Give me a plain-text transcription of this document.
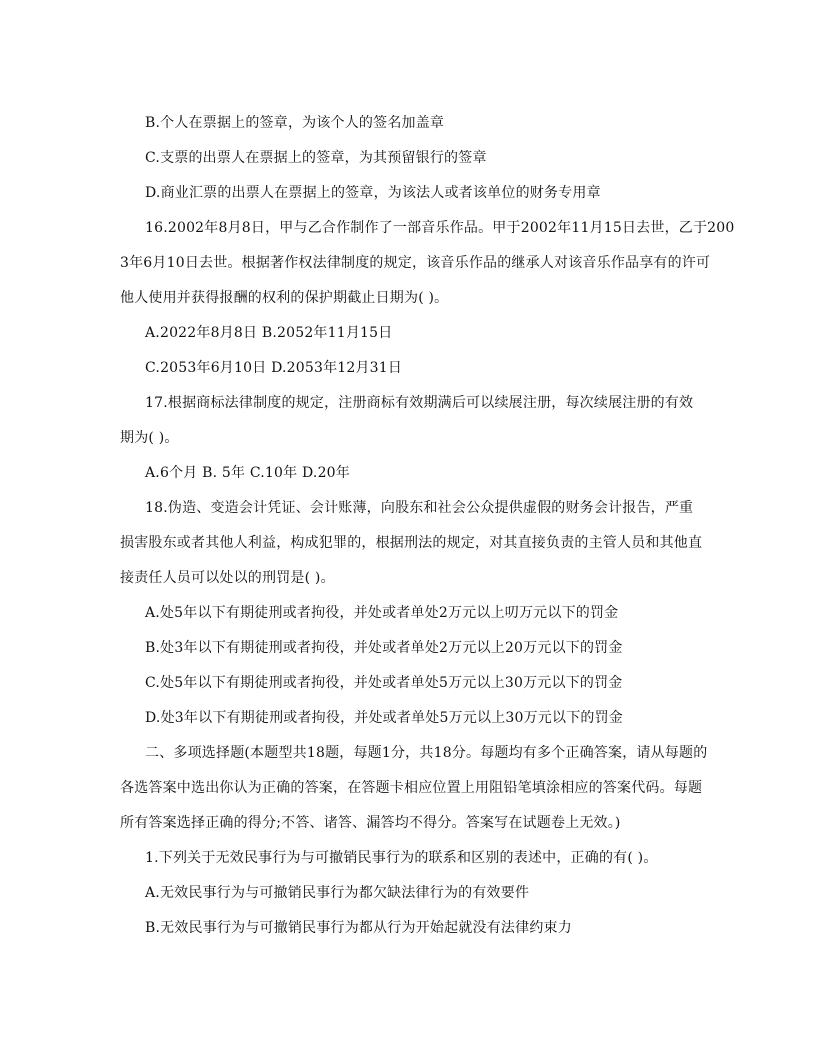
B.个人在票据上的签章，为该个人的签名加盖章
C.支票的出票人在票据上的签章，为其预留银行的签章
D.商业汇票的出票人在票据上的签章，为该法人或者该单位的财务专用章
16.2002年8月8日，甲与乙合作制作了一部音乐作品。甲于2002年11月15日去世，乙于200
3年6月10日去世。根据著作权法律制度的规定，该音乐作品的继承人对该音乐作品享有的许可
他人使用并获得报酬的权利的保护期截止日期为( )。
A.2022年8月8日 B.2052年11月15日
C.2053年6月10日 D.2053年12月31日
17.根据商标法律制度的规定，注册商标有效期满后可以续展注册，每次续展注册的有效
期为( )。
A.6个月 B. 5年 C.10年 D.20年
18.伪造、变造会计凭证、会计账薄，向股东和社会公众提供虚假的财务会计报告，严重
损害股东或者其他人利益，构成犯罪的，根据刑法的规定，对其直接负责的主管人员和其他直
接责任人员可以处以的刑罚是( )。
A.处5年以下有期徒刑或者拘役，并处或者单处2万元以上叨万元以下的罚金
B.处3年以下有期徒刑或者拘役，并处或者单处2万元以上20万元以下的罚金
C.处5年以下有期徒刑或者拘役，并处或者单处5万元以上30万元以下的罚金
D.处3年以下有期徒刑或者拘役，并处或者单处5万元以上30万元以下的罚金
二、多项选择题(本题型共18题，每题1分，共18分。每题均有多个正确答案，请从每题的
各选答案中选出你认为正确的答案，在答题卡相应位置上用阻铅笔填涂相应的答案代码。每题
所有答案选择正确的得分;不答、诸答、漏答均不得分。答案写在试题卷上无效。)
1.下列关于无效民事行为与可撤销民事行为的联系和区别的表述中，正确的有( )。
A.无效民事行为与可撤销民事行为都欠缺法律行为的有效要件
B.无效民事行为与可撤销民事行为都从行为开始起就没有法律约束力
